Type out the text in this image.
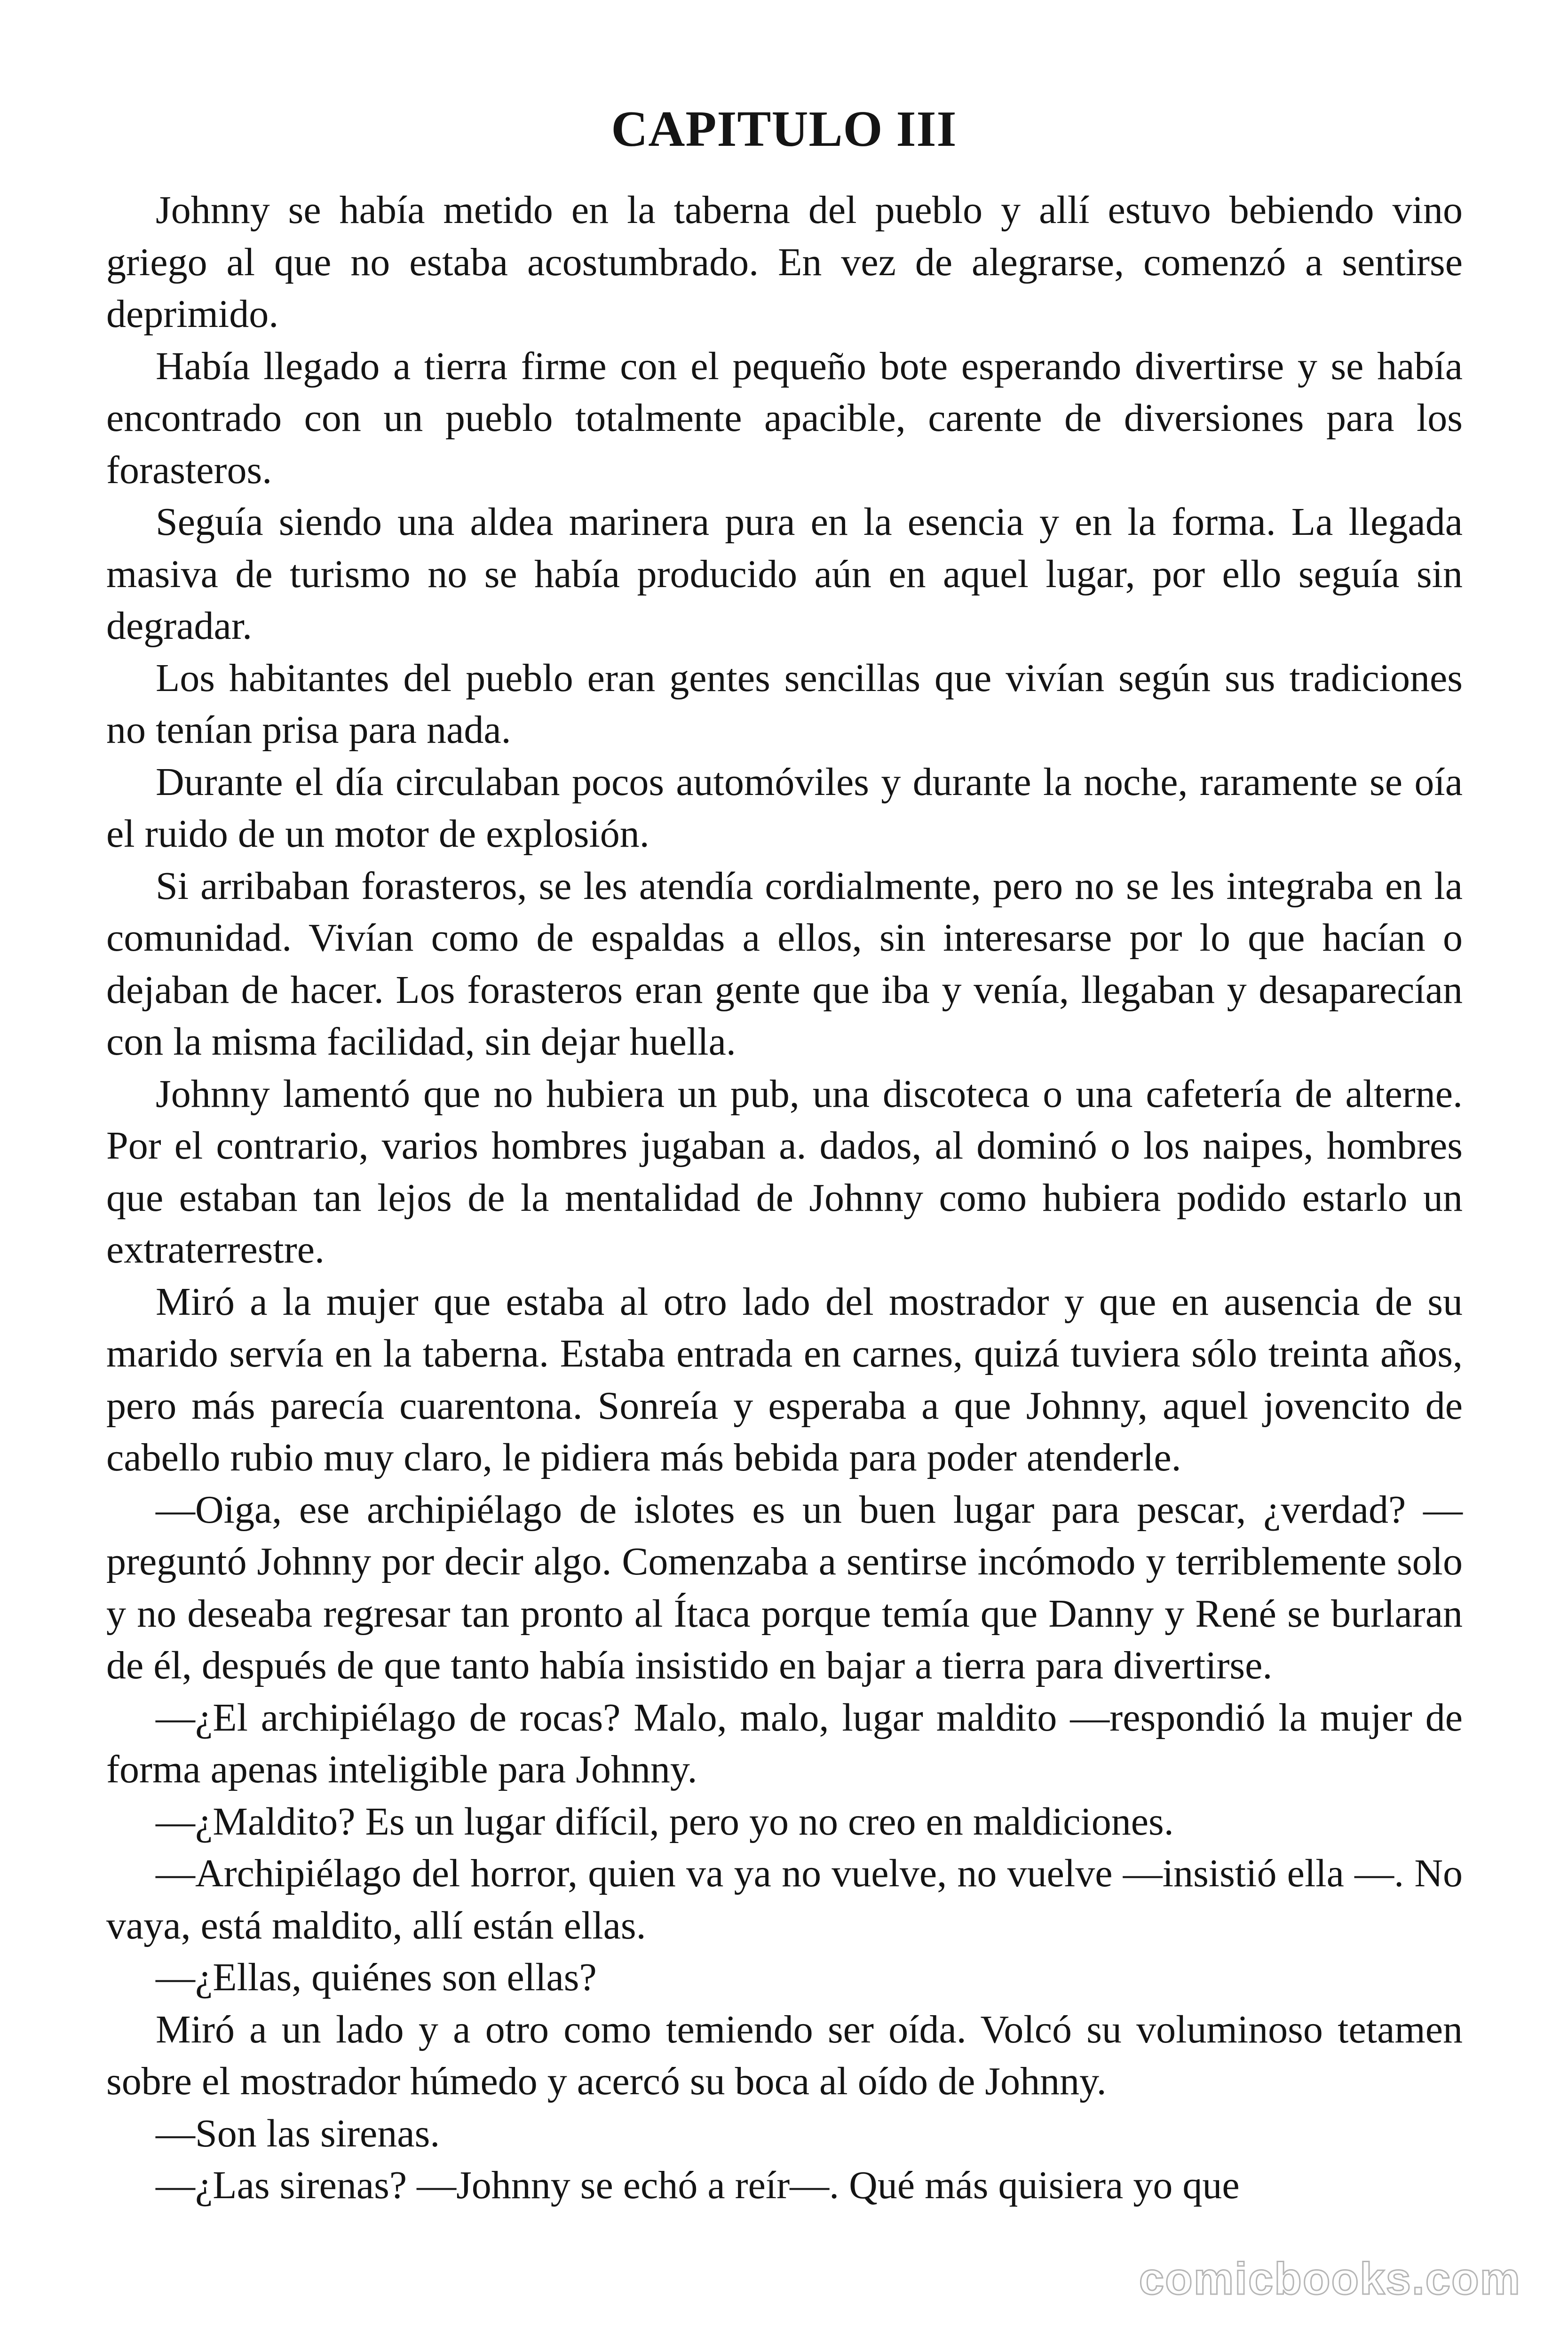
CAPITULO III

Johnny se había metido en la taberna del pueblo y allí estuvo bebiendo vino griego al que no estaba acostumbrado. En vez de alegrarse, comenzó a sentirse deprimido.

Había llegado a tierra firme con el pequeño bote esperando divertirse y se había encontrado con un pueblo totalmente apacible, carente de diversiones para los forasteros.

Seguía siendo una aldea marinera pura en la esencia y en la forma. La llegada masiva de turismo no se había producido aún en aquel lugar, por ello seguía sin degradar.

Los habitantes del pueblo eran gentes sencillas que vivían según sus tradiciones no tenían prisa para nada.

Durante el día circulaban pocos automóviles y durante la noche, raramente se oía el ruido de un motor de explosión.

Si arribaban forasteros, se les atendía cordialmente, pero no se les integraba en la comunidad. Vivían como de espaldas a ellos, sin interesarse por lo que hacían o dejaban de hacer. Los forasteros eran gente que iba y venía, llegaban y desaparecían con la misma facilidad, sin dejar huella.

Johnny lamentó que no hubiera un pub, una discoteca o una cafetería de alterne. Por el contrario, varios hombres jugaban a. dados, al dominó o los naipes, hombres que estaban tan lejos de la mentalidad de Johnny como hubiera podido estarlo un extraterrestre.

Miró a la mujer que estaba al otro lado del mostrador y que en ausencia de su marido servía en la taberna. Estaba entrada en carnes, quizá tuviera sólo treinta años, pero más parecía cuarentona. Sonreía y esperaba a que Johnny, aquel jovencito de cabello rubio muy claro, le pidiera más bebida para poder atenderle.

—Oiga, ese archipiélago de islotes es un buen lugar para pescar, ¿verdad? — preguntó Johnny por decir algo. Comenzaba a sentirse incómodo y terriblemente solo y no deseaba regresar tan pronto al Ítaca porque temía que Danny y René se burlaran de él, después de que tanto había insistido en bajar a tierra para divertirse.

—¿El archipiélago de rocas? Malo, malo, lugar maldito —respondió la mujer de forma apenas inteligible para Johnny.

—¿Maldito? Es un lugar difícil, pero yo no creo en maldiciones.

—Archipiélago del horror, quien va ya no vuelve, no vuelve —insistió ella —. No vaya, está maldito, allí están ellas.

—¿Ellas, quiénes son ellas?

Miró a un lado y a otro como temiendo ser oída. Volcó su voluminoso tetamen sobre el mostrador húmedo y acercó su boca al oído de Johnny.

—Son las sirenas.

—¿Las sirenas? —Johnny se echó a reír—. Qué más quisiera yo que

comicbooks.com
